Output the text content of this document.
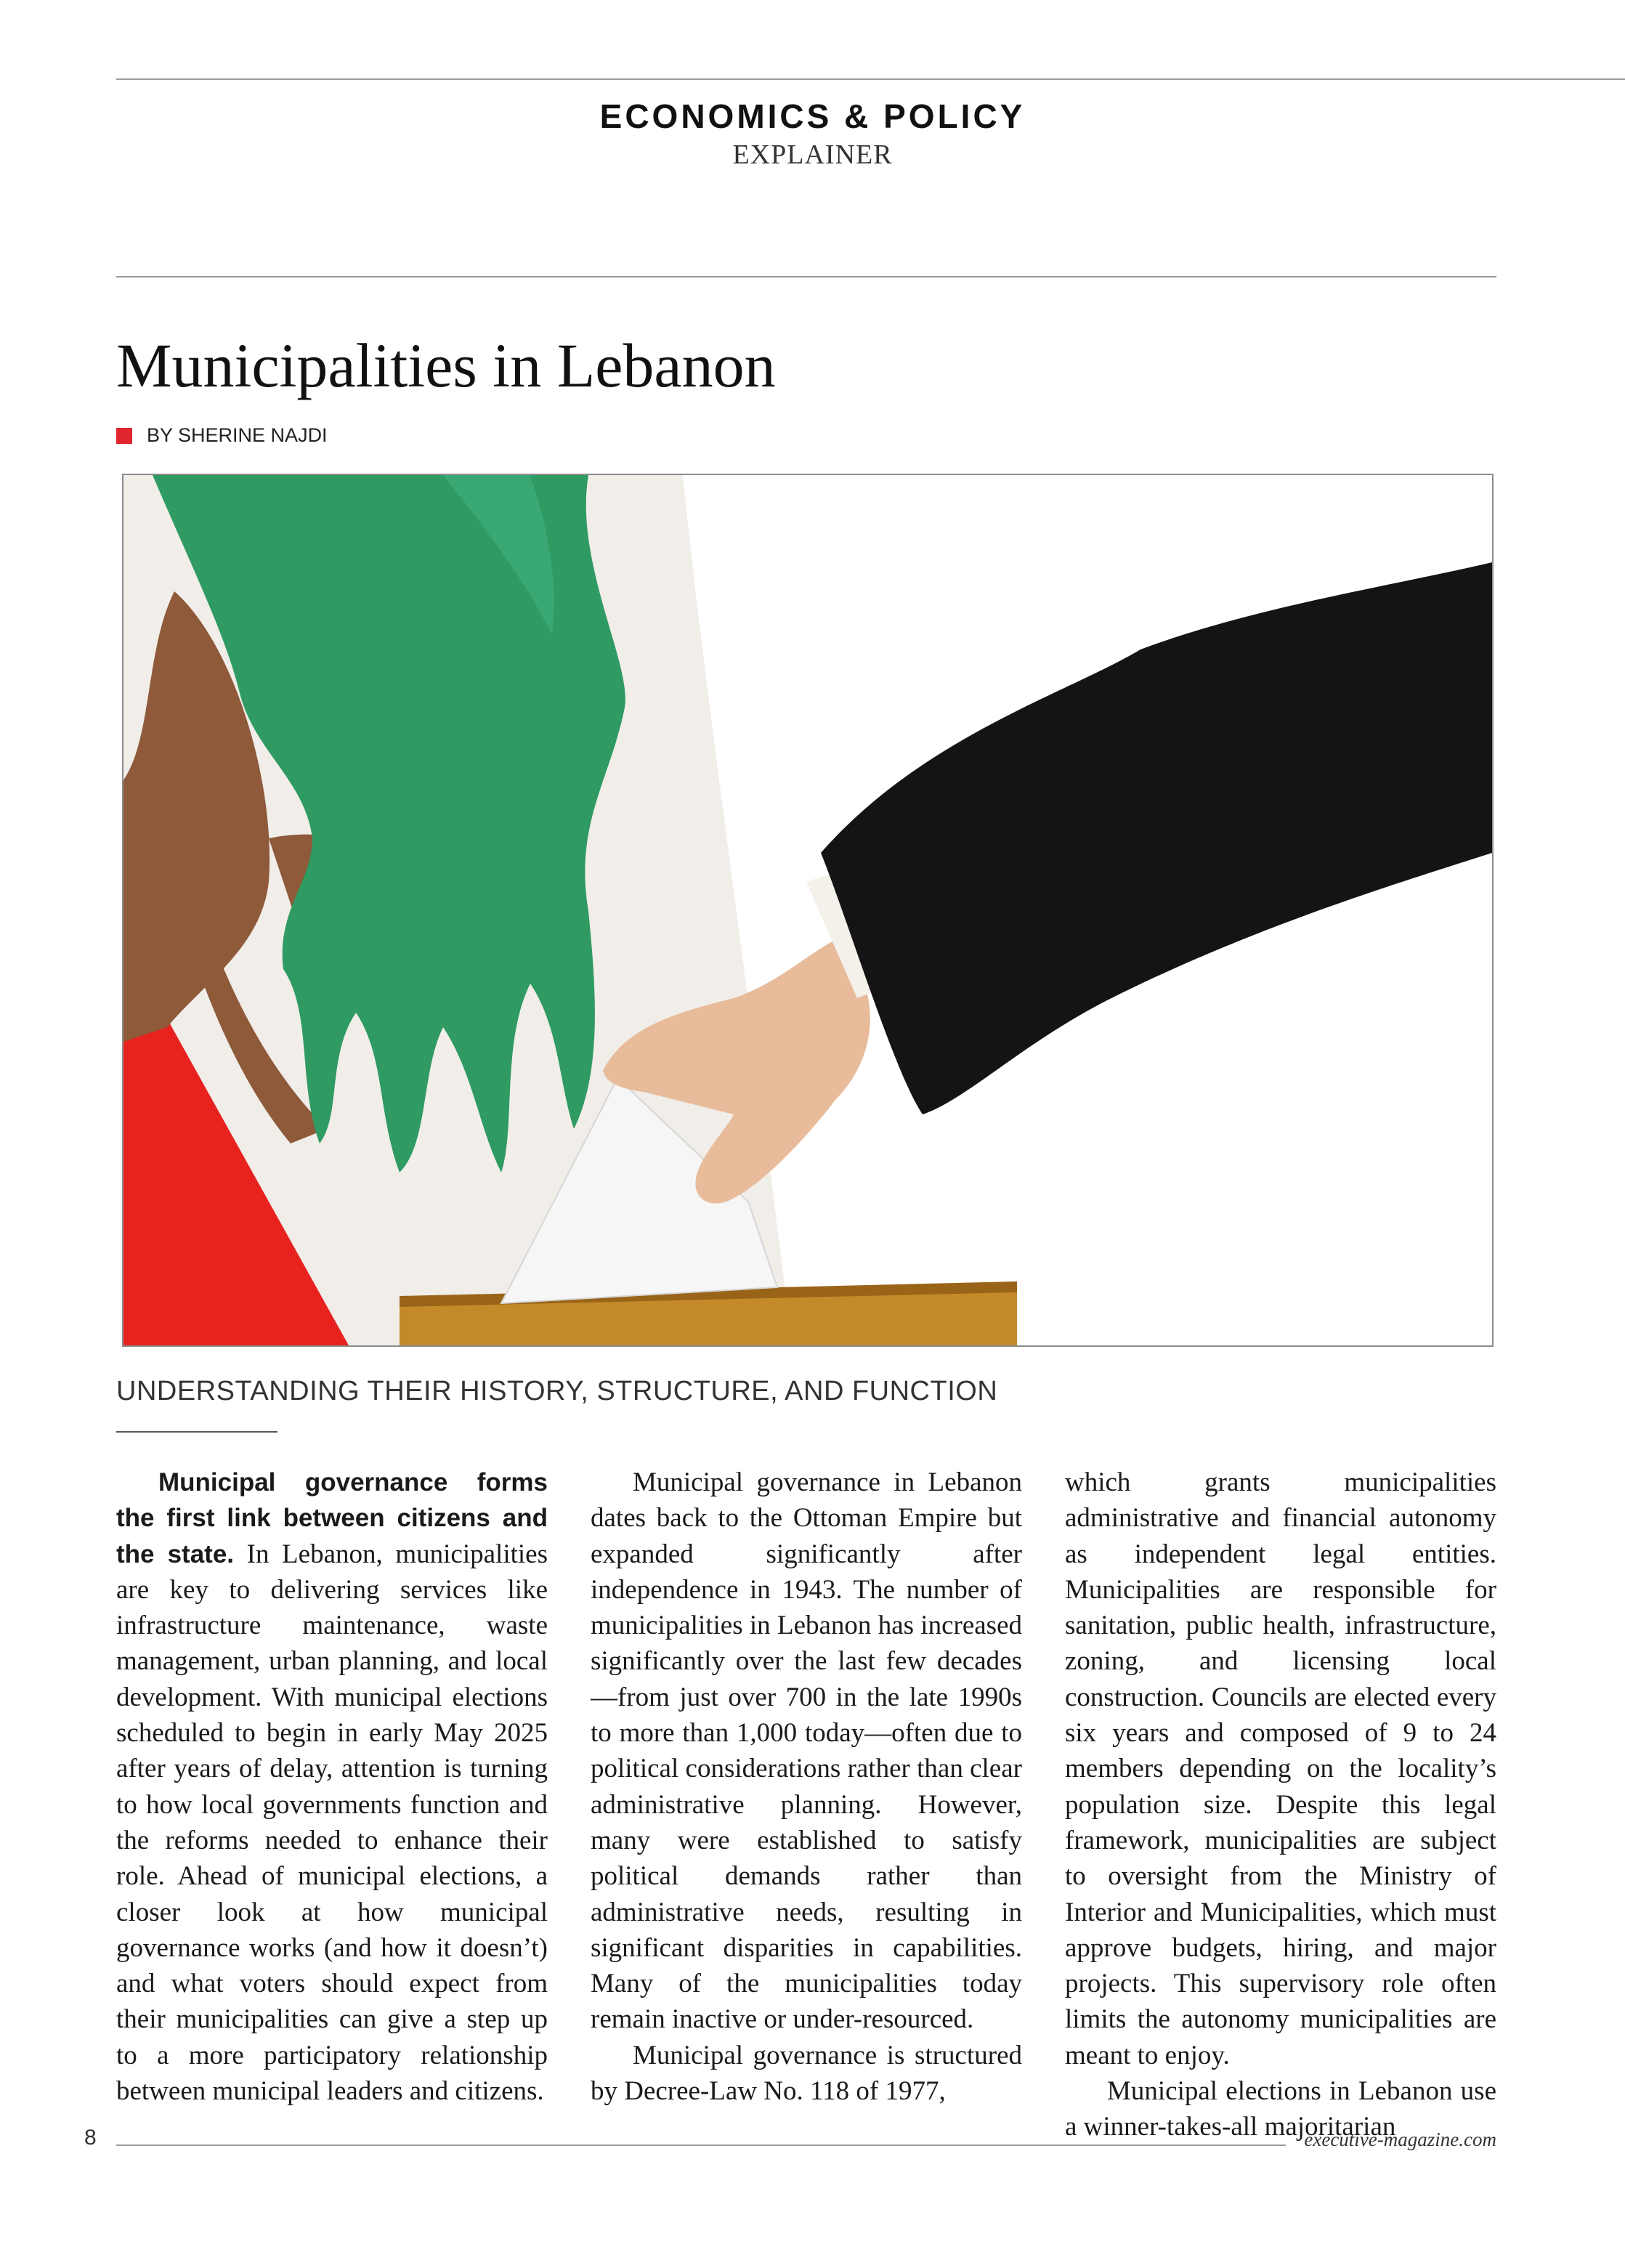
ECONOMICS & POLICY
EXPLAINER
Municipalities in Lebanon
BY SHERINE NAJDI
UNDERSTANDING THEIR HISTORY, STRUCTURE, AND FUNCTION

Municipal governance forms the first link between citizens and the state. In Lebanon, municipalities are key to delivering services like infrastructure maintenance, waste management, urban planning, and local development. With municipal elections scheduled to begin in early May 2025 after years of delay, attention is turning to how local governments function and the reforms needed to enhance their role. Ahead of municipal elections, a closer look at how municipal governance works (and how it doesn’t) and what voters should expect from their municipalities can give a step up to a more participatory relationship between municipal leaders and citizens.

Municipal governance in Lebanon dates back to the Ottoman Empire but expanded significantly after independence in 1943. The number of municipalities in Lebanon has increased significantly over the last few decades—from just over 700 in the late 1990s to more than 1,000 today—often due to political considerations rather than clear administrative planning. However, many were established to satisfy political demands rather than administrative needs, resulting in significant disparities in capabilities. Many of the municipalities today remain inactive or under-resourced.

Municipal governance is structured by Decree-Law No. 118 of 1977,

which grants municipalities administrative and financial autonomy as independent legal entities. Municipalities are responsible for sanitation, public health, infrastructure, zoning, and licensing local construction. Councils are elected every six years and composed of 9 to 24 members depending on the locality’s population size. Despite this legal framework, municipalities are subject to oversight from the Ministry of Interior and Municipalities, which must approve budgets, hiring, and major projects. This supervisory role often limits the autonomy municipalities are meant to enjoy.

Municipal elections in Lebanon use a winner-takes-all majoritarian

8	executive-magazine.com
